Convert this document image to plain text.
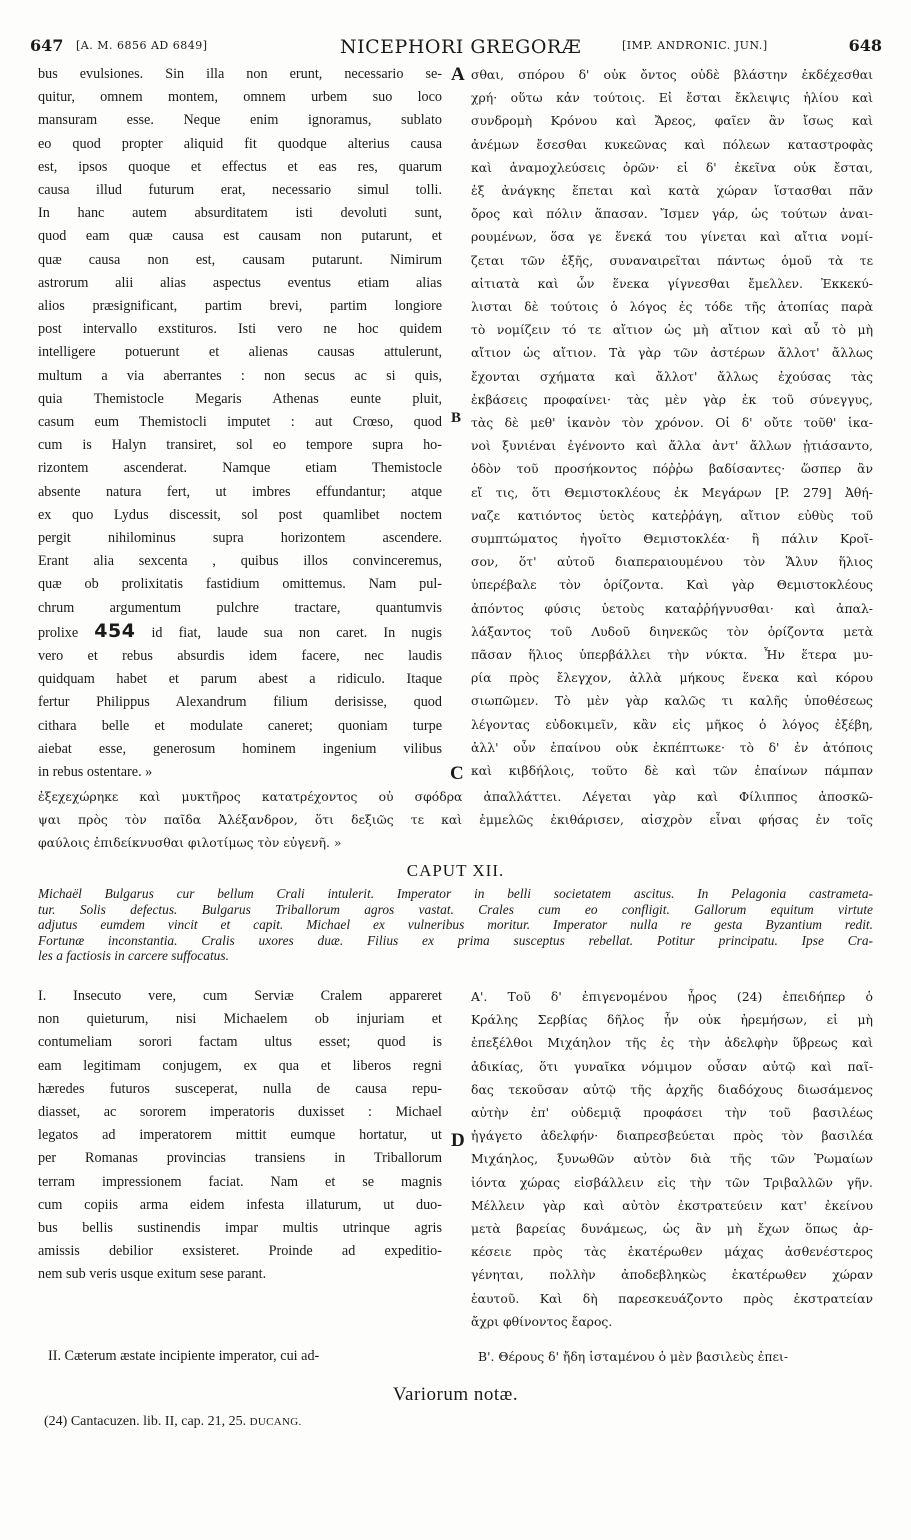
647 [A. M. 6856 AD 6849]	NICEPHORI GREGORÆ	[IMP. ANDRONIC. JUN.]	648
A
B
C
D
bus evulsiones. Sin illa non erunt, necessario se-
quitur, omnem montem, omnem urbem suo loco
mansuram esse. Neque enim ignoramus, sublato
eo quod propter aliquid fit quodque alterius causa
est, ipsos quoque et effectus et eas res, quarum
causa illud futurum erat, necessario simul tolli.
In hanc autem absurditatem isti devoluti sunt,
quod eam quæ causa est causam non putarunt, et
quæ causa non est, causam putarunt. Nimirum
astrorum alii alias aspectus eventus etiam alias
alios præsignificant, partim brevi, partim longiore
post intervallo exstituros. Isti vero ne hoc quidem
intelligere potuerunt et alienas causas attulerunt,
multum a via aberrantes : non secus ac si quis,
quia Themistocle Megaris Athenas eunte pluit,
casum eum Themistocli imputet : aut Crœso, quod
cum is Halyn transiret, sol eo tempore supra ho-
rizontem ascenderat. Namque etiam Themistocle
absente natura fert, ut imbres effundantur; atque
ex quo Lydus discessit, sol post quamlibet noctem
pergit nihilominus supra horizontem ascendere.
Erant alia sexcenta , quibus illos convinceremus,
quæ ob prolixitatis fastidium omittemus. Nam pul-
chrum argumentum pulchre tractare, quantumvis
prolixe 454 id fiat, laude sua non caret. In nugis
vero et rebus absurdis idem facere, nec laudis
quidquam habet et parum abest a ridiculo. Itaque
fertur Philippus Alexandrum filium derisisse, quod
cithara belle et modulate caneret; quoniam turpe
aiebat esse, generosum hominem ingenium vilibus
in rebus ostentare. »
σθαι, σπόρου δ' οὐκ ὄντος οὐδὲ βλάστην ἐκδέχεσθαι
χρή· οὕτω κἀν τούτοις. Εἰ ἔσται ἔκλειψις ἡλίου καὶ
συνδρομὴ Κρόνου καὶ Ἄρεος, φαῖεν ἂν ἴσως καὶ
ἀνέμων ἔσεσθαι κυκεῶνας καὶ πόλεων καταστροφὰς
καὶ ἀναμοχλεύσεις ὀρῶν· εἰ δ' ἐκεῖνα οὐκ ἔσται,
ἐξ ἀνάγκης ἕπεται καὶ κατὰ χώραν ἵστασθαι πᾶν
ὄρος καὶ πόλιν ἅπασαν. Ἴσμεν γάρ, ὡς τούτων ἀναι-
ρουμένων, ὅσα γε ἕνεκά του γίνεται καὶ αἴτια νομί-
ζεται τῶν ἑξῆς, συναναιρεῖται πάντως ὁμοῦ τὰ τε
αἰτιατὰ καὶ ὧν ἕνεκα γίγνεσθαι ἔμελλεν. Ἐκκεκύ-
λισται δὲ τούτοις ὁ λόγος ἐς τόδε τῆς ἀτοπίας παρὰ
τὸ νομίζειν τό τε αἴτιον ὡς μὴ αἴτιον καὶ αὖ τὸ μὴ
αἴτιον ὡς αἴτιον. Τὰ γὰρ τῶν ἀστέρων ἄλλοτ' ἄλλως
ἔχονται σχήματα καὶ ἄλλοτ' ἄλλως ἐχούσας τὰς
ἐκβάσεις προφαίνει· τὰς μὲν γὰρ ἐκ τοῦ σύνεγγυς,
τὰς δὲ μεθ' ἱκανὸν τὸν χρόνον. Οἱ δ' οὔτε τοῦθ' ἱκα-
νοὶ ξυνιέναι ἐγένοντο καὶ ἄλλα ἀντ' ἄλλων ᾐτιάσαντο,
ὁδὸν τοῦ προσήκοντος πόῤῥω βαδίσαντες· ὥσπερ ἂν
εἴ τις, ὅτι Θεμιστοκλέους ἐκ Μεγάρων [P. 279] Ἀθή-
ναζε κατιόντος ὑετὸς κατεῤῥάγη, αἴτιον εὐθὺς τοῦ
συμπτώματος ἡγοῖτο Θεμιστοκλέα· ἢ πάλιν Κροῖ-
σον, ὅτ' αὐτοῦ διαπεραιουμένου τὸν Ἅλυν ἥλιος
ὑπερέβαλε τὸν ὁρίζοντα. Καὶ γὰρ Θεμιστοκλέους
ἀπόντος φύσις ὑετοὺς καταῤῥήγνυσθαι· καὶ ἀπαλ-
λάξαντος τοῦ Λυδοῦ διηνεκῶς τὸν ὁρίζοντα μετὰ
πᾶσαν ἥλιος ὑπερβάλλει τὴν νύκτα. Ἦν ἕτερα μυ-
ρία πρὸς ἔλεγχον, ἀλλὰ μήκους ἕνεκα καὶ κόρου
σιωπῶμεν. Τὸ μὲν γὰρ καλῶς τι καλῆς ὑποθέσεως
λέγοντας εὐδοκιμεῖν, κἂν εἰς μῆκος ὁ λόγος ἐξέβη,
ἀλλ' οὖν ἐπαίνου οὐκ ἐκπέπτωκε· τὸ δ' ἐν ἀτόποις
καὶ κιβδήλοις, τοῦτο δὲ καὶ τῶν ἐπαίνων πάμπαν
ἐξεχεχώρηκε καὶ μυκτῆρος κατατρέχοντος οὐ σφόδρα ἀπαλλάττει. Λέγεται γὰρ καὶ Φίλιππος ἀποσκῶ-
ψαι πρὸς τὸν παῖδα Ἀλέξανδρον, ὅτι δεξιῶς τε καὶ ἐμμελῶς ἐκιθάρισεν, αἰσχρὸν εἶναι φήσας ἐν τοῖς
φαύλοις ἐπιδείκνυσθαι φιλοτίμως τὸν εὐγενῆ. »
CAPUT XII.
Michaël Bulgarus cur bellum Crali intulerit. Imperator in belli societatem ascitus. In Pelagonia castrameta-
tur. Solis defectus. Bulgarus Triballorum agros vastat. Crales cum eo confligit. Gallorum equitum virtute
adjutus eumdem vincit et capit. Michael ex vulneribus moritur. Imperator nulla re gesta Byzantium redit.
Fortunæ inconstantia. Cralis uxores duæ. Filius ex prima susceptus rebellat. Potitur principatu. Ipse Cra-
les a factiosis in carcere suffocatus.
I. Insecuto vere, cum Serviæ Cralem appareret
non quieturum, nisi Michaelem ob injuriam et
contumeliam sorori factam ultus esset; quod is
eam legitimam conjugem, ex qua et liberos regni
hæredes futuros susceperat, nulla de causa repu-
diasset, ac sororem imperatoris duxisset : Michael
legatos ad imperatorem mittit eumque hortatur, ut
per Romanas provincias transiens in Triballorum
terram impressionem faciat. Nam et se magnis
cum copiis arma eidem infesta illaturum, ut duo-
bus bellis sustinendis impar multis utrinque agris
amissis debilior exsisteret. Proinde ad expeditio-
nem sub veris usque exitum sese parant.
Α'. Τοῦ δ' ἐπιγενομένου ἦρος (24) ἐπειδήπερ ὁ
Κράλης Σερβίας δῆλος ἦν οὐκ ἠρεμήσων, εἰ μὴ
ἐπεξέλθοι Μιχάηλον τῆς ἐς τὴν ἀδελφὴν ὕβρεως καὶ
ἀδικίας, ὅτι γυναῖκα νόμιμον οὖσαν αὐτῷ καὶ παῖ-
δας τεκοῦσαν αὐτῷ τῆς ἀρχῆς διαδόχους διωσάμενος
αὐτὴν ἐπ' οὐδεμιᾷ προφάσει τὴν τοῦ βασιλέως
ἠγάγετο ἀδελφήν· διαπρεσβεύεται πρὸς τὸν βασιλέα
Μιχάηλος, ξυνωθῶν αὐτὸν διὰ τῆς τῶν Ῥωμαίων
ἰόντα χώρας εἰσβάλλειν εἰς τὴν τῶν Τριβαλλῶν γῆν.
Μέλλειν γὰρ καὶ αὐτὸν ἐκστρατεύειν κατ' ἐκείνου
μετὰ βαρείας δυνάμεως, ὡς ἂν μὴ ἔχων ὅπως ἀρ-
κέσειε πρὸς τὰς ἑκατέρωθεν μάχας ἀσθενέστερος
γένηται, πολλὴν ἀποδεβληκὼς ἑκατέρωθεν χώραν
ἑαυτοῦ. Καὶ δὴ παρεσκευάζοντο πρὸς ἐκστρατείαν
ἄχρι φθίνοντος ἔαρος.
II. Cæterum æstate incipiente imperator, cui ad-	Β'. Θέρους δ' ἤδη ἱσταμένου ὁ μὲν βασιλεὺς ἐπει-
Variorum notæ.
(24) Cantacuzen. lib. II, cap. 21, 25. DUCANG.
